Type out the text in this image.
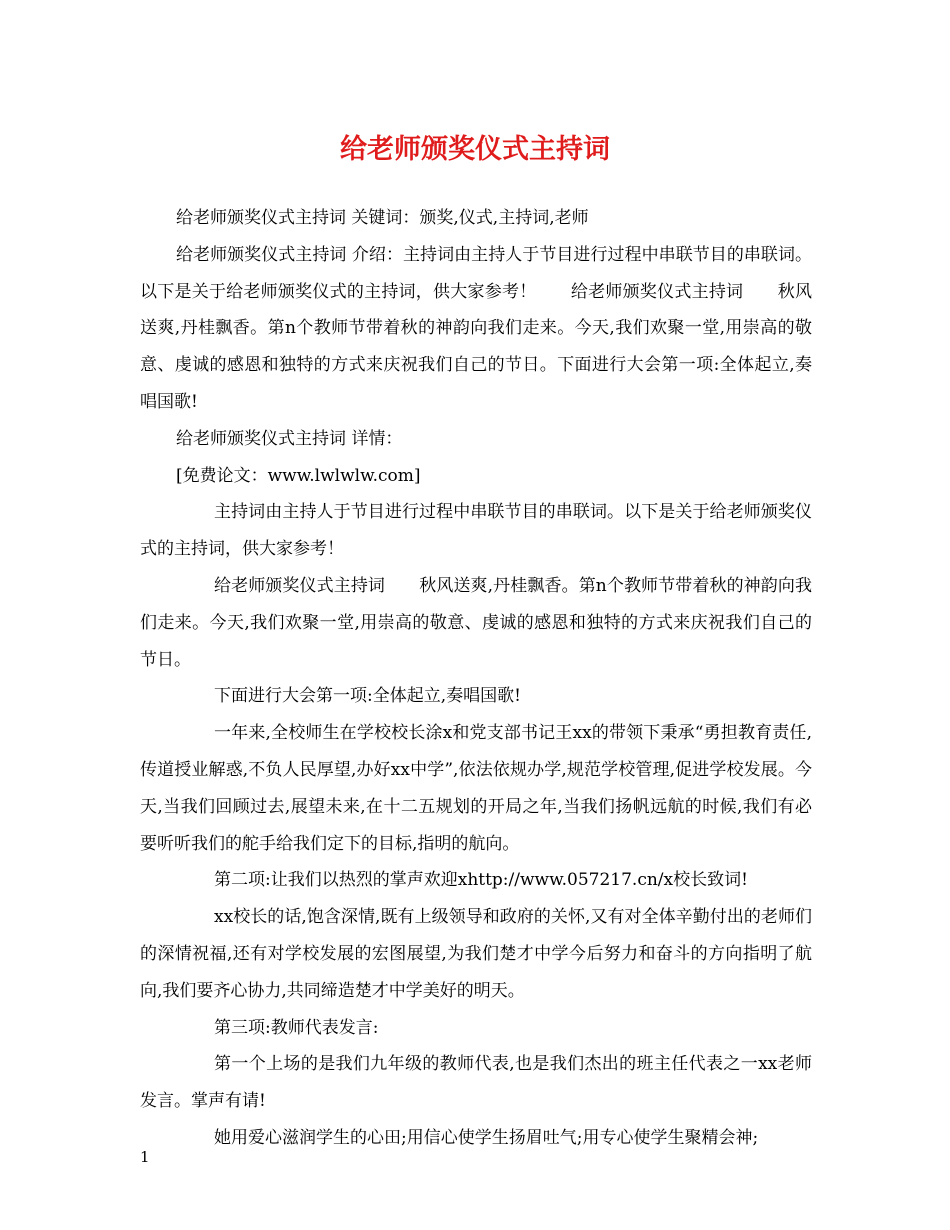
给老师颁奖仪式主持词

给老师颁奖仪式主持词 关键词：颁奖,仪式,主持词,老师

给老师颁奖仪式主持词 介绍：主持词由主持人于节目进行过程中串联节目的串联词。以下是关于给老师颁奖仪式的主持词，供大家参考！　　给老师颁奖仪式主持词　　秋风送爽,丹桂飘香。第n个教师节带着秋的神韵向我们走来。今天,我们欢聚一堂,用崇高的敬意、虔诚的感恩和独特的方式来庆祝我们自己的节日。下面进行大会第一项:全体起立,奏唱国歌!

给老师颁奖仪式主持词 详情：

[免费论文：www.lwlwlw.com]

主持词由主持人于节目进行过程中串联节目的串联词。以下是关于给老师颁奖仪式的主持词，供大家参考！

给老师颁奖仪式主持词　　秋风送爽,丹桂飘香。第n个教师节带着秋的神韵向我们走来。今天,我们欢聚一堂,用崇高的敬意、虔诚的感恩和独特的方式来庆祝我们自己的节日。

下面进行大会第一项:全体起立,奏唱国歌!

一年来,全校师生在学校校长涂x和党支部书记王xx的带领下秉承“勇担教育责任,传道授业解惑,不负人民厚望,办好xx中学”,依法依规办学,规范学校管理,促进学校发展。今天,当我们回顾过去,展望未来,在十二五规划的开局之年,当我们扬帆远航的时候,我们有必要听听我们的舵手给我们定下的目标,指明的航向。

第二项:让我们以热烈的掌声欢迎xhttp://www.057217.cn/x校长致词!

xx校长的话,饱含深情,既有上级领导和政府的关怀,又有对全体辛勤付出的老师们的深情祝福,还有对学校发展的宏图展望,为我们楚才中学今后努力和奋斗的方向指明了航向,我们要齐心协力,共同缔造楚才中学美好的明天。

第三项:教师代表发言:

第一个上场的是我们九年级的教师代表,也是我们杰出的班主任代表之一xx老师发言。掌声有请!

她用爱心滋润学生的心田;用信心使学生扬眉吐气;用专心使学生聚精会神;

1
